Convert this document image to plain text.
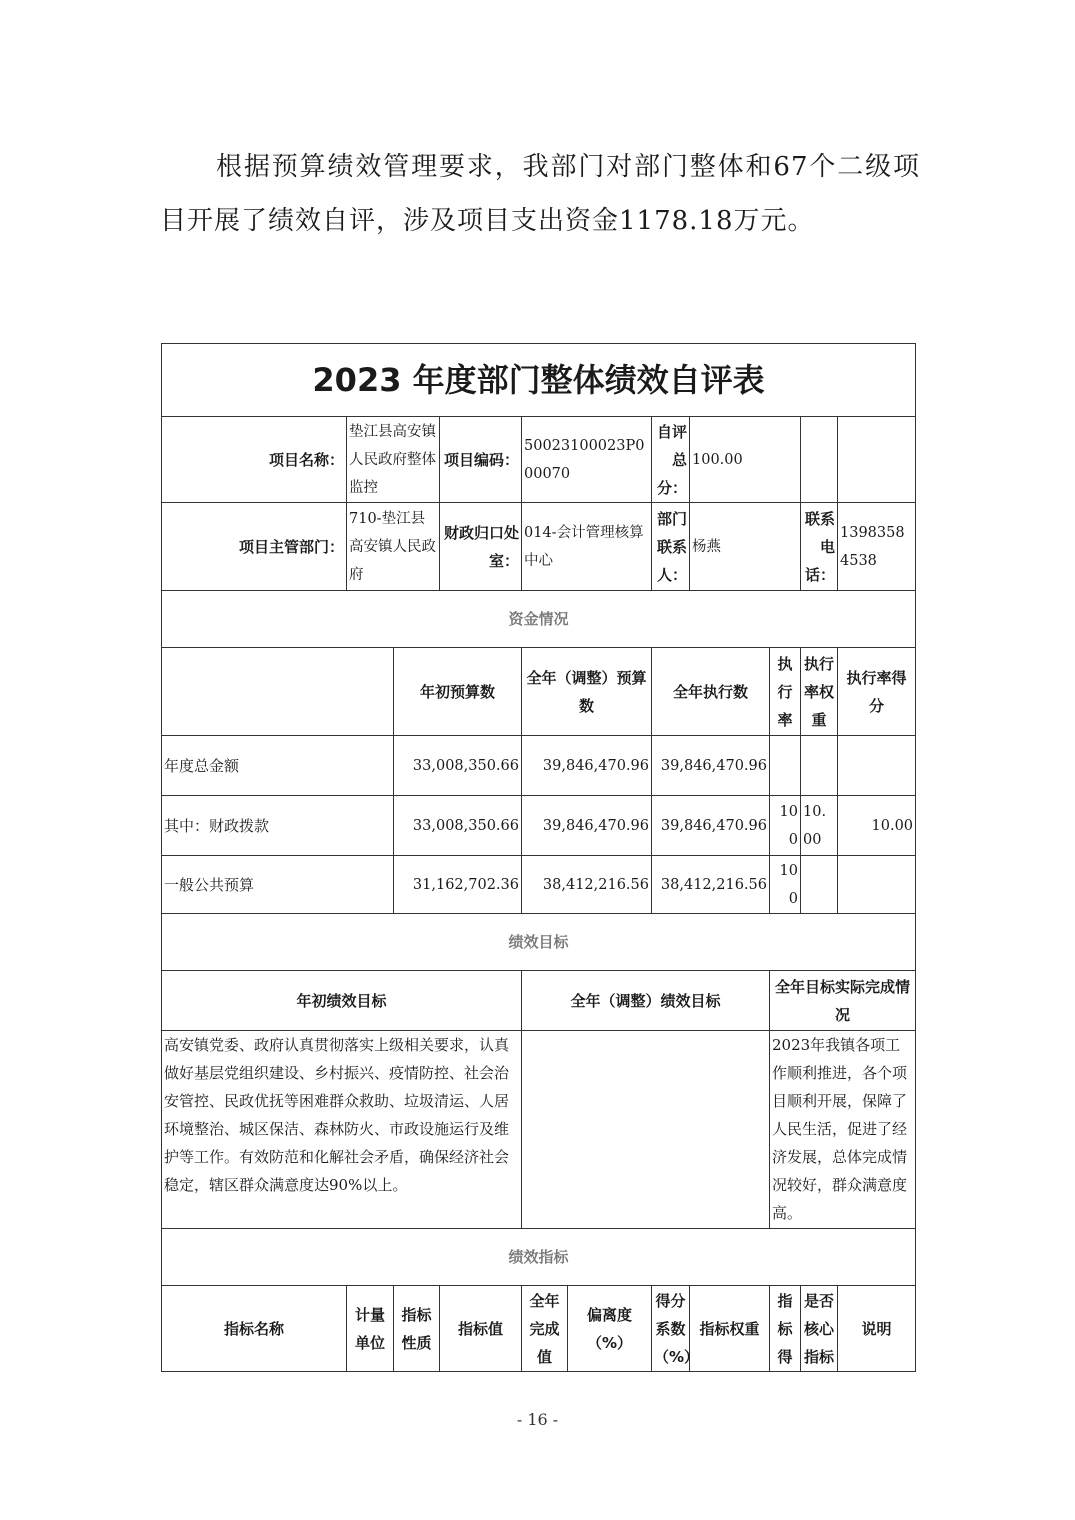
根据预算绩效管理要求，我部门对部门整体和67个二级项目开展了绩效自评，涉及项目支出资金1178.18万元。

2023 年度部门整体绩效自评表										
项目名称：	垫江县高安镇人民政府整体监控		项目编码：	50023100023P000070		自评总分：	100.00			
项目主管部门：	710-垫江县高安镇人民政府		财政归口处室：	014-会计管理核算中心		部门联系人：	杨燕		联系电话：	13983584538
资金情况										
		年初预算数		全年（调整）预算数		全年执行数		执行率	执行率权重	执行率得分
年度总金额		33,008,350.66		39,846,470.96		39,846,470.96				
其中：财政拨款		33,008,350.66		39,846,470.96		39,846,470.96		100	10.00	10.00
一般公共预算		31,162,702.36		38,412,216.56		38,412,216.56		100		
绩效目标										
年初绩效目标				全年（调整）绩效目标				全年目标实际完成情况		
高安镇党委、政府认真贯彻落实上级相关要求，认真做好基层党组织建设、乡村振兴、疫情防控、社会治安管控、民政优抚等困难群众救助、垃圾清运、人居环境整治、城区保洁、森林防火、市政设施运行及维护等工作。有效防范和化解社会矛盾，确保经济社会稳定，辖区群众满意度达90%以上。								2023年我镇各项工作顺利推进，各个项目顺利开展，保障了人民生活，促进了经济发展，总体完成情况较好，群众满意度高。		
绩效指标										
指标名称	计量单位	指标性质	指标值	全年完成值	偏离度（%）	得分系数（%）	指标权重	指标得	是否核心指标	说明
- 16 -
